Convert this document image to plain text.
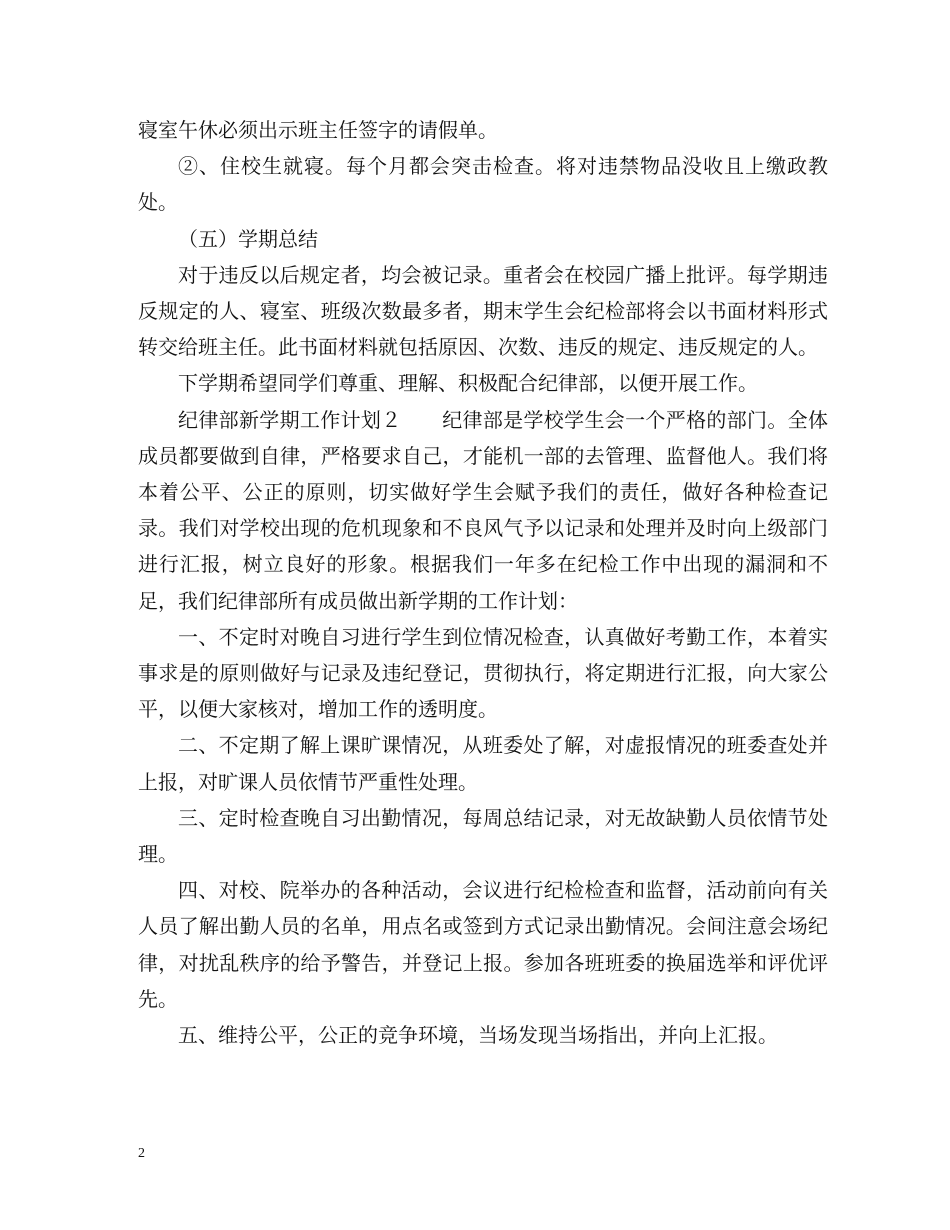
寝室午休必须出示班主任签字的请假单。

②、住校生就寝。每个月都会突击检查。将对违禁物品没收且上缴政教处。

（五）学期总结

对于违反以后规定者，均会被记录。重者会在校园广播上批评。每学期违反规定的人、寝室、班级次数最多者，期末学生会纪检部将会以书面材料形式转交给班主任。此书面材料就包括原因、次数、违反的规定、违反规定的人。

下学期希望同学们尊重、理解、积极配合纪律部，以便开展工作。

纪律部新学期工作计划２　　纪律部是学校学生会一个严格的部门。全体成员都要做到自律，严格要求自己，才能机一部的去管理、监督他人。我们将本着公平、公正的原则，切实做好学生会赋予我们的责任，做好各种检查记录。我们对学校出现的危机现象和不良风气予以记录和处理并及时向上级部门进行汇报，树立良好的形象。根据我们一年多在纪检工作中出现的漏洞和不足，我们纪律部所有成员做出新学期的工作计划：

一、不定时对晚自习进行学生到位情况检查，认真做好考勤工作，本着实事求是的原则做好与记录及违纪登记，贯彻执行，将定期进行汇报，向大家公平，以便大家核对，增加工作的透明度。

二、不定期了解上课旷课情况，从班委处了解，对虚报情况的班委查处并上报，对旷课人员依情节严重性处理。

三、定时检查晚自习出勤情况，每周总结记录，对无故缺勤人员依情节处理。

四、对校、院举办的各种活动，会议进行纪检检查和监督，活动前向有关人员了解出勤人员的名单，用点名或签到方式记录出勤情况。会间注意会场纪律，对扰乱秩序的给予警告，并登记上报。参加各班班委的换届选举和评优评先。

五、维持公平，公正的竞争环境，当场发现当场指出，并向上汇报。

2
